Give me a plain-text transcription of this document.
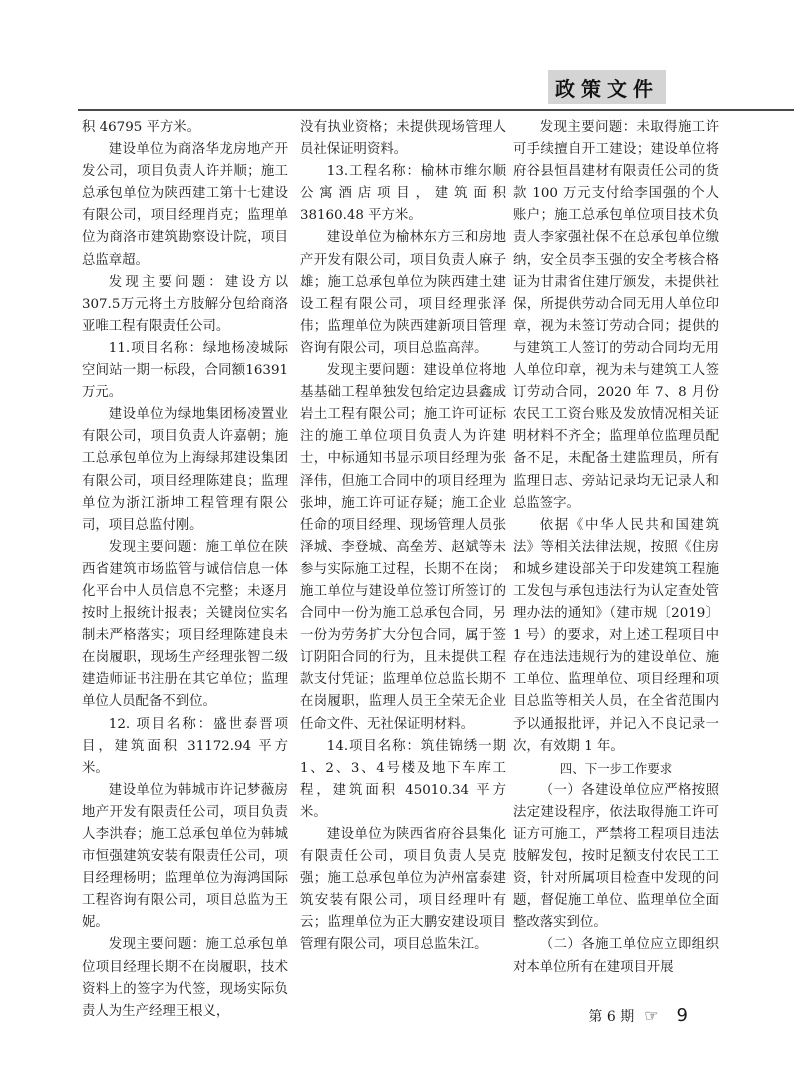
政策文件

积 46795 平方米。

建设单位为商洛华龙房地产开发公司，项目负责人许并顺；施工总承包单位为陕西建工第十七建设有限公司，项目经理肖克；监理单位为商洛市建筑勘察设计院，项目总监章超。

发现主要问题：建设方以307.5万元将土方肢解分包给商洛亚唯工程有限责任公司。

11.项目名称：绿地杨凌城际空间站一期一标段，合同额16391万元。

建设单位为绿地集团杨凌置业有限公司，项目负责人许嘉朝；施工总承包单位为上海绿邦建设集团有限公司，项目经理陈建良；监理单位为浙江浙坤工程管理有限公司，项目总监付刚。

发现主要问题：施工单位在陕西省建筑市场监管与诚信信息一体化平台中人员信息不完整；未逐月按时上报统计报表；关键岗位实名制未严格落实；项目经理陈建良未在岗履职，现场生产经理张智二级建造师证书注册在其它单位；监理单位人员配备不到位。

12. 项目名称：盛世泰晋项目，建筑面积 31172.94 平方米。

建设单位为韩城市许记梦薇房地产开发有限责任公司，项目负责人李洪春；施工总承包单位为韩城市恒强建筑安装有限责任公司，项目经理杨明；监理单位为海鸿国际工程咨询有限公司，项目总监为王妮。

发现主要问题：施工总承包单位项目经理长期不在岗履职，技术资料上的签字为代签，现场实际负责人为生产经理王根义，

没有执业资格；未提供现场管理人员社保证明资料。

13.工程名称：榆林市维尔顺公寓酒店项目，建筑面积 38160.48 平方米。

建设单位为榆林东方三和房地产开发有限公司，项目负责人麻子雄；施工总承包单位为陕西建土建设工程有限公司，项目经理张泽伟；监理单位为陕西建新项目管理咨询有限公司，项目总监高萍。

发现主要问题：建设单位将地基基础工程单独发包给定边县鑫成岩土工程有限公司；施工许可证标注的施工单位项目负责人为许建士，中标通知书显示项目经理为张泽伟，但施工合同中的项目经理为张坤，施工许可证存疑；施工企业任命的项目经理、现场管理人员张泽城、李登城、高垒芳、赵斌等未参与实际施工过程，长期不在岗；施工单位与建设单位签订所签订的合同中一份为施工总承包合同，另一份为劳务扩大分包合同，属于签订阴阳合同的行为，且未提供工程款支付凭证；监理单位总监长期不在岗履职，监理人员王全荣无企业任命文件、无社保证明材料。

14.项目名称：筑佳锦绣一期1、2、3、4号楼及地下车库工程，建筑面积 45010.34 平方米。

建设单位为陕西省府谷县集化有限责任公司，项目负责人吴克强；施工总承包单位为泸州富泰建筑安装有限公司，项目经理叶有云；监理单位为正大鹏安建设项目管理有限公司，项目总监朱江。

发现主要问题：未取得施工许可手续擅自开工建设；建设单位将府谷县恒昌建材有限责任公司的货款 100 万元支付给李国强的个人账户；施工总承包单位项目技术负责人李家强社保不在总承包单位缴纳，安全员李玉强的安全考核合格证为甘肃省住建厅颁发，未提供社保，所提供劳动合同无用人单位印章，视为未签订劳动合同；提供的与建筑工人签订的劳动合同均无用人单位印章，视为未与建筑工人签订劳动合同，2020 年 7、8 月份农民工工资台账及发放情况相关证明材料不齐全；监理单位监理员配备不足，未配备土建监理员，所有监理日志、旁站记录均无记录人和总监签字。

依据《中华人民共和国建筑法》等相关法律法规，按照《住房和城乡建设部关于印发建筑工程施工发包与承包违法行为认定查处管理办法的通知》（建市规〔2019〕1 号）的要求，对上述工程项目中存在违法违规行为的建设单位、施工单位、监理单位、项目经理和项目总监等相关人员，在全省范围内予以通报批评，并记入不良记录一次，有效期 1 年。

四、下一步工作要求

（一）各建设单位应严格按照法定建设程序，依法取得施工许可证方可施工，严禁将工程项目违法肢解发包，按时足额支付农民工工资，针对所属项目检查中发现的问题，督促施工单位、监理单位全面整改落实到位。

（二）各施工单位应立即组织对本单位所有在建项目开展

第 6 期 ☞ 9
